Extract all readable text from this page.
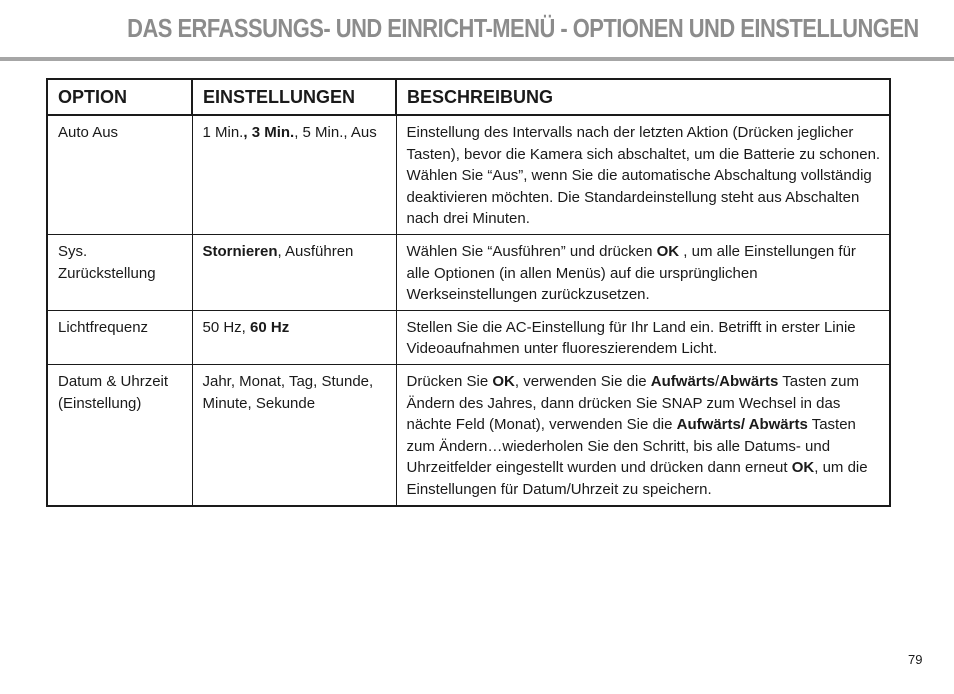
DAS ERFASSUNGS- UND EINRICHT-MENÜ - OPTIONEN UND EINSTELLUNGEN
OPTION	EINSTELLUNGEN	BESCHREIBUNG
Auto Aus	1 Min., 3 Min., 5 Min., Aus	Einstellung des Intervalls nach der letzten Aktion (Drücken jeglicher Tasten), bevor die Kamera sich abschaltet, um die Batterie zu schonen. Wählen Sie “Aus”, wenn Sie die automatische Abschaltung vollständig deaktivieren möchten. Die Standardeinstellung steht aus Abschalten nach drei Minuten.
Sys. Zurückstellung	Stornieren, Ausführen	Wählen Sie “Ausführen” und drücken OK , um alle Einstellungen für alle Optionen (in allen Menüs) auf die ursprünglichen Werkseinstellungen zurückzusetzen.
Lichtfrequenz	50 Hz, 60 Hz	Stellen Sie die AC-Einstellung für Ihr Land ein. Betrifft in erster Linie Videoaufnahmen unter fluoreszierendem Licht.
Datum & Uhrzeit (Einstellung)	Jahr, Monat, Tag, Stunde, Minute, Sekunde	Drücken Sie OK, verwenden Sie die Aufwärts/Abwärts Tasten zum Ändern des Jahres, dann drücken Sie SNAP zum Wechsel in das nächte Feld (Monat), verwenden Sie die Aufwärts/ Abwärts Tasten zum Ändern…wiederholen Sie den Schritt, bis alle Datums- und Uhrzeitfelder eingestellt wurden und drücken dann erneut OK, um die Einstellungen für Datum/Uhrzeit zu speichern.
79
